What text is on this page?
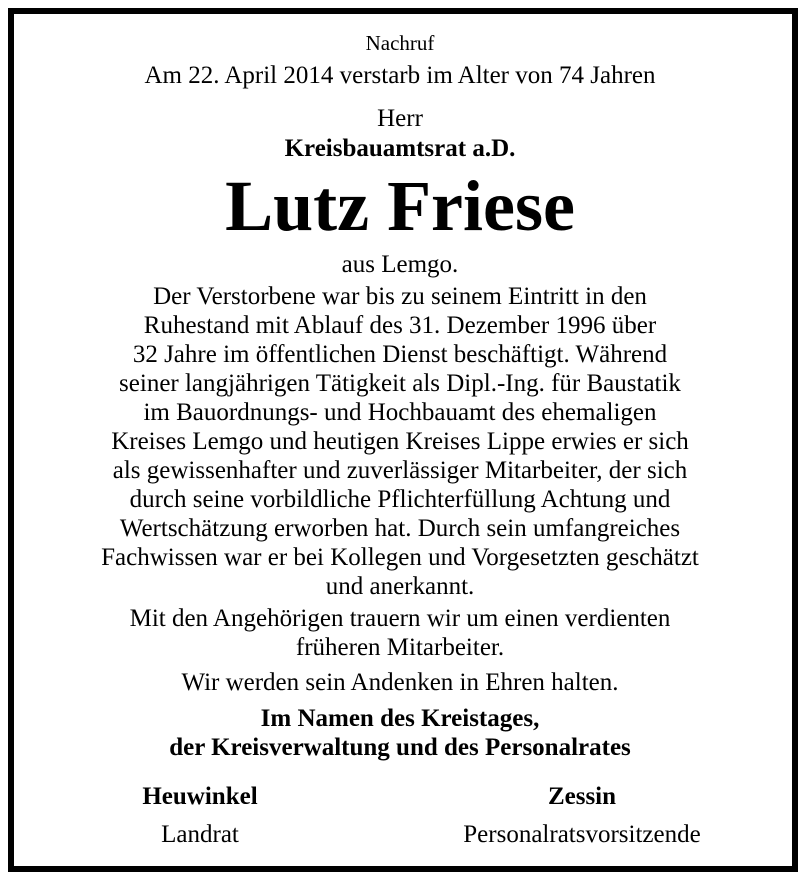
Nachruf
Am 22. April 2014 verstarb im Alter von 74 Jahren
Herr
Kreisbauamtsrat a.D.
Lutz Friese
aus Lemgo.
Der Verstorbene war bis zu seinem Eintritt in den
Ruhestand mit Ablauf des 31. Dezember 1996 über
32 Jahre im öffentlichen Dienst beschäftigt. Während
seiner langjährigen Tätigkeit als Dipl.-Ing. für Baustatik
im Bauordnungs- und Hochbauamt des ehemaligen
Kreises Lemgo und heutigen Kreises Lippe erwies er sich
als gewissenhafter und zuverlässiger Mitarbeiter, der sich
durch seine vorbildliche Pflichterfüllung Achtung und
Wertschätzung erworben hat. Durch sein umfangreiches
Fachwissen war er bei Kollegen und Vorgesetzten geschätzt
und anerkannt.
Mit den Angehörigen trauern wir um einen verdienten
früheren Mitarbeiter.
Wir werden sein Andenken in Ehren halten.
Im Namen des Kreistages,
der Kreisverwaltung und des Personalrates
Heuwinkel
Landrat
Zessin
Personalratsvorsitzende
